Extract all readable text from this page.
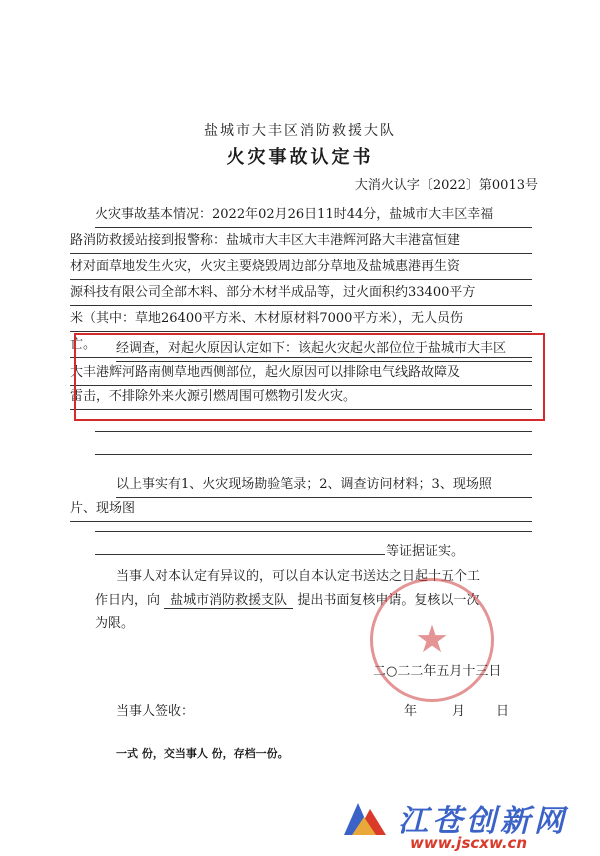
盐城市大丰区消防救援大队
火灾事故认定书
大消火认字〔2022〕第0013号
火灾事故基本情况：2022年02月26日11时44分，盐城市大丰区幸福
路消防救援站接到报警称：盐城市大丰区大丰港辉河路大丰港富恒建
材对面草地发生火灾，火灾主要烧毁周边部分草地及盐城惠港再生资
源科技有限公司全部木料、部分木材半成品等，过火面积约33400平方
米（其中：草地26400平方米、木材原材料7000平方米），无人员伤
亡。	经调查，对起火原因认定如下：该起火灾起火部位位于盐城市大丰区
大丰港辉河路南侧草地西侧部位，起火原因可以排除电气线路故障及
雷击，不排除外来火源引燃周围可燃物引发火灾。
以上事实有1、火灾现场勘验笔录；2、调查访问材料；3、现场照
片、现场图
等证据证实。
当事人对本认定有异议的，可以自本认定书送达之日起十五个工
作日内，向 盐城市消防救援支队 提出书面复核申请。复核以一次
为限。	★
二○二二年五月十三日
当事人签收：	年	月 日
一式 份，交当事人 份，存档一份。
江苍创新网
www.jscxw.cn
